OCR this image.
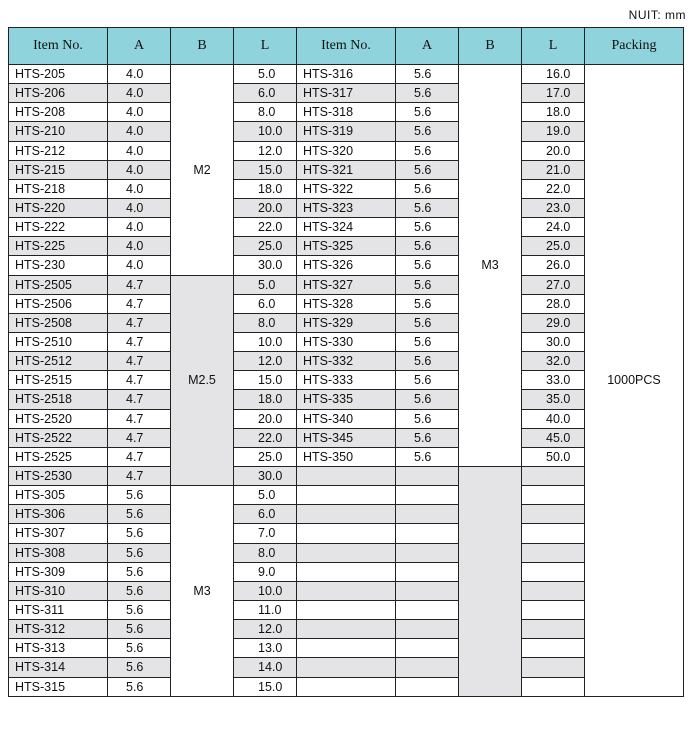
NUIT: mm
Item No.	A	B	L	Item No.	A	B	L	Packing
HTS-205	4.0	M2	5.0	HTS-316	5.6	M3	16.0	1000PCS
HTS-206	4.0		6.0	HTS-317	5.6		17.0	
HTS-208	4.0		8.0	HTS-318	5.6		18.0	
HTS-210	4.0		10.0	HTS-319	5.6		19.0	
HTS-212	4.0		12.0	HTS-320	5.6		20.0	
HTS-215	4.0		15.0	HTS-321	5.6		21.0	
HTS-218	4.0		18.0	HTS-322	5.6		22.0	
HTS-220	4.0		20.0	HTS-323	5.6		23.0	
HTS-222	4.0		22.0	HTS-324	5.6		24.0	
HTS-225	4.0		25.0	HTS-325	5.6		25.0	
HTS-230	4.0		30.0	HTS-326	5.6		26.0	
HTS-2505	4.7	M2.5	5.0	HTS-327	5.6		27.0	
HTS-2506	4.7		6.0	HTS-328	5.6		28.0	
HTS-2508	4.7		8.0	HTS-329	5.6		29.0	
HTS-2510	4.7		10.0	HTS-330	5.6		30.0	
HTS-2512	4.7		12.0	HTS-332	5.6		32.0	
HTS-2515	4.7		15.0	HTS-333	5.6		33.0	
HTS-2518	4.7		18.0	HTS-335	5.6		35.0	
HTS-2520	4.7		20.0	HTS-340	5.6		40.0	
HTS-2522	4.7		22.0	HTS-345	5.6		45.0	
HTS-2525	4.7		25.0	HTS-350	5.6		50.0	
HTS-2530	4.7		30.0					
HTS-305	5.6	M3	5.0					
HTS-306	5.6		6.0					
HTS-307	5.6		7.0					
HTS-308	5.6		8.0					
HTS-309	5.6		9.0					
HTS-310	5.6		10.0					
HTS-311	5.6		11.0					
HTS-312	5.6		12.0					
HTS-313	5.6		13.0					
HTS-314	5.6		14.0					
HTS-315	5.6		15.0					
